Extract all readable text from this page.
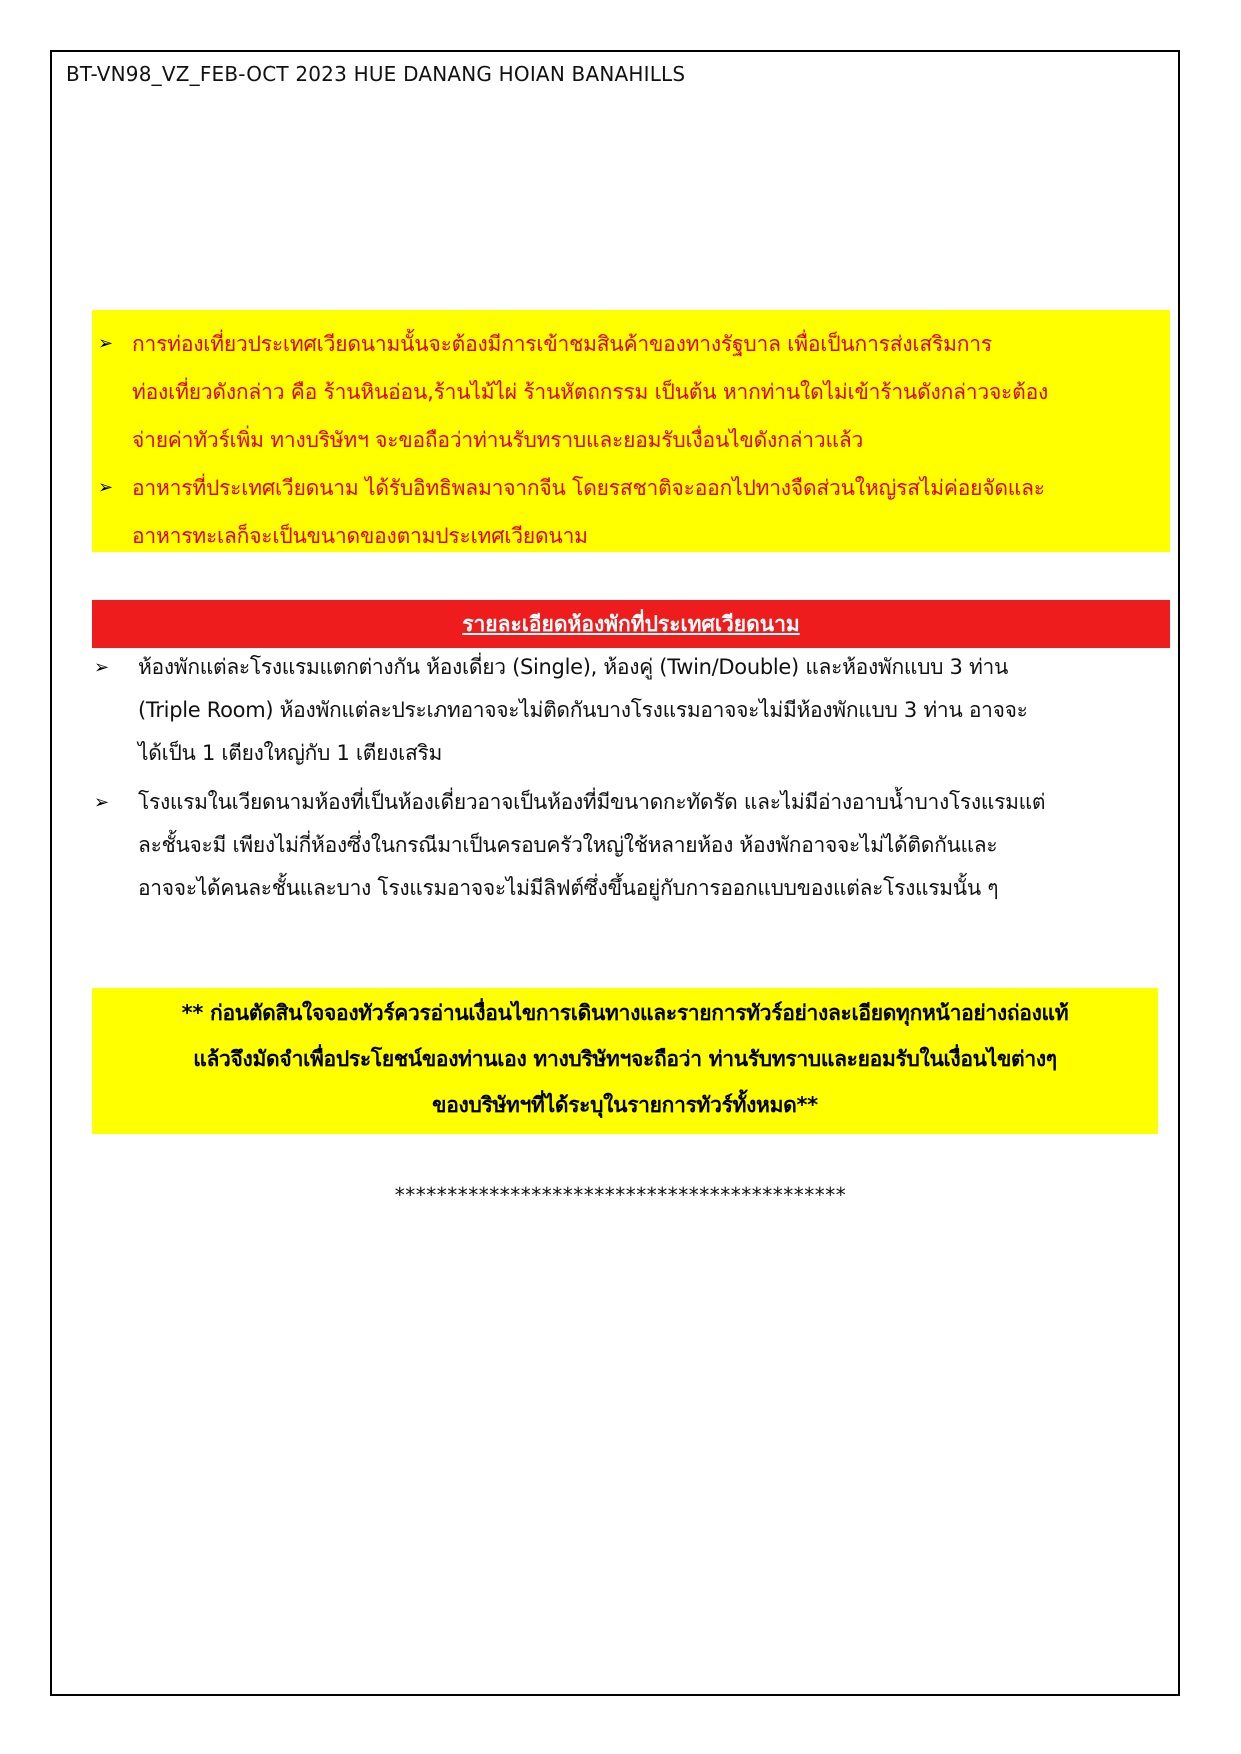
BT-VN98_VZ_FEB-OCT 2023 HUE DANANG HOIAN BANAHILLS
➢ การท่องเที่ยวประเทศเวียดนามนั้นจะต้องมีการเข้าชมสินค้าของทางรัฐบาล เพื่อเป็นการส่งเสริมการ
ท่องเที่ยวดังกล่าว คือ ร้านหินอ่อน,ร้านไม้ไผ่ ร้านหัตถกรรม เป็นต้น หากท่านใดไม่เข้าร้านดังกล่าวจะต้อง
จ่ายค่าทัวร์เพิ่ม ทางบริษัทฯ จะขอถือว่าท่านรับทราบและยอมรับเงื่อนไขดังกล่าวแล้ว
➢ อาหารที่ประเทศเวียดนาม ได้รับอิทธิพลมาจากจีน โดยรสชาติจะออกไปทางจืดส่วนใหญ่รสไม่ค่อยจัดและ
อาหารทะเลก็จะเป็นขนาดของตามประเทศเวียดนาม
รายละเอียดห้องพักที่ประเทศเวียดนาม
➢	ห้องพักแต่ละโรงแรมแตกต่างกัน ห้องเดี่ยว (Single), ห้องคู่ (Twin/Double) และห้องพักแบบ 3 ท่าน
(Triple Room) ห้องพักแต่ละประเภทอาจจะไม่ติดกันบางโรงแรมอาจจะไม่มีห้องพักแบบ 3 ท่าน อาจจะ
ได้เป็น 1 เตียงใหญ่กับ 1 เตียงเสริม
➢	โรงแรมในเวียดนามห้องที่เป็นห้องเดี่ยวอาจเป็นห้องที่มีขนาดกะทัดรัด และไม่มีอ่างอาบน้ำบางโรงแรมแต่
ละชั้นจะมี เพียงไม่กี่ห้องซึ่งในกรณีมาเป็นครอบครัวใหญ่ใช้หลายห้อง ห้องพักอาจจะไม่ได้ติดกันและ
อาจจะได้คนละชั้นและบาง โรงแรมอาจจะไม่มีลิฟต์ซึ่งขึ้นอยู่กับการออกแบบของแต่ละโรงแรมนั้น ๆ
** ก่อนตัดสินใจจองทัวร์ควรอ่านเงื่อนไขการเดินทางและรายการทัวร์อย่างละเอียดทุกหน้าอย่างถ่องแท้
แล้วจึงมัดจำเพื่อประโยชน์ของท่านเอง ทางบริษัทฯจะถือว่า ท่านรับทราบและยอมรับในเงื่อนไขต่างๆ
ของบริษัทฯที่ได้ระบุในรายการทัวร์ทั้งหมด**
*******************************************
